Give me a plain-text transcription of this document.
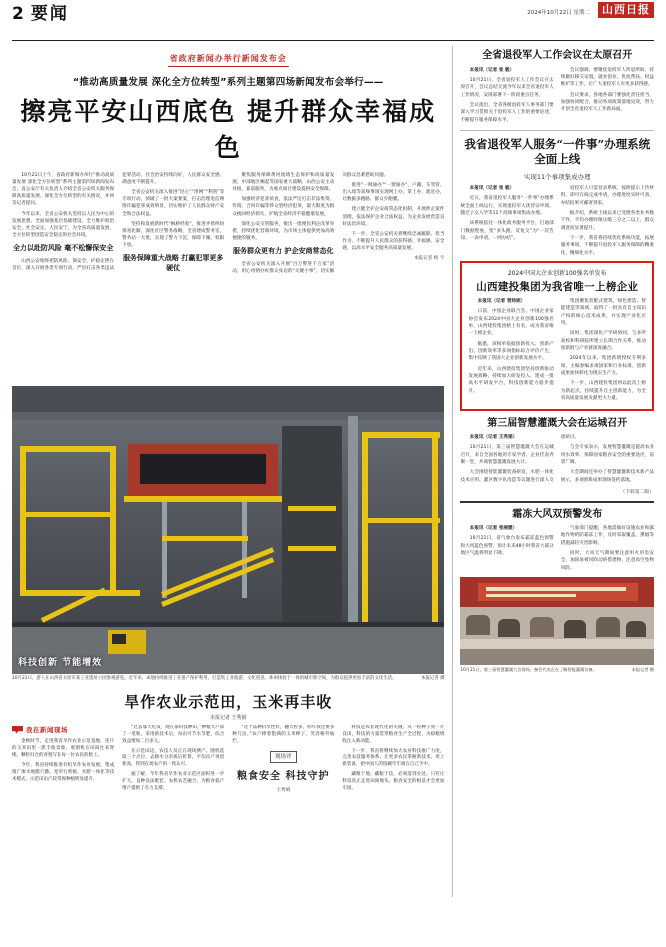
2 要闻	2024年10月22日 星期二	山西日报
省政府新闻办举行新闻发布会
“推动高质量发展 深化全方位转型”系列主题第四场新闻发布会举行——
擦亮平安山西底色 提升群众幸福成色

10月21日上午，省政府新闻办举行“推动高质量发展 深化全方位转型”系列主题第四场新闻发布会，省公安厅有关负责人介绍全省公安机关服务保障高质量发展、深化全方位转型的有关情况，并回答记者提问。

今年以来，全省公安机关坚持以人民为中心的发展思想，全面加强基层基础建设，全力维护政治安全、社会安定、人民安宁，为全省高质量发展、全方位转型创造安全稳定的社会环境。

全力以赴防风险 毫不松懈保安全

山西公安始终把防风险、保安全、护稳定摆在首位，深入开展各类专项行动，严厉打击各类违法犯罪活动，社会治安持续向好，人民群众安全感、满意度不断提升。

全省公安机关深入推进“昆仑”“净网”“利剑”等专项行动，侦破了一批大案要案，打击治理电信网络诈骗犯罪成效明显，切实维护了人民群众财产安全和合法权益。

坚持和发展新时代“枫桥经验”，推进矛盾纠纷排查化解，深化社区警务战略，全省建成警务室、警务站一大批，实现了警力下沉、保障下倾、权限下放。

服务保障重大战略 打赢犯罪更多硬仗

聚焦服务保障黄河流域生态保护和高质量发展、中部地区崛起等国家重大战略，山西公安主动对接、靠前服务，为重点项目建设提供安全保障。

加强经济犯罪侦查，依法严厉打击非法集资、传销、合同诈骗等涉众型经济犯罪，最大限度为群众挽回经济损失，护航全省经济平稳健康发展。

深化公安交管服务，推出一批便民利企改革举措，持续优化营商环境，为市场主体提供更加高效便捷的服务。

服务群众更有力 护企安商常态化

全省公安机关深入开展“百万警进千万家”活动，用心用情办好群众身边的“关键小事”，切实解决群众急难愁盼问题。

推进“一网通办”“一窗通办”，户籍、车驾管、出入境等高频事项实现网上办、掌上办、就近办，让数据多跑路、群众少跑腿。

建立健全护企安商常态化机制，开展涉企案件清理，依法保护企业合法权益，为企业发展营造良好法治环境。

下一步，全省公安机关将继续忠诚履职、担当作为，不断提升人民群众的获得感、幸福感、安全感，以高水平安全服务高质量发展。

本报记者 杨 宇
科技创新 节能增效
10月21日，游人在山西省太原市某工业遗址公园参观游览。近年来，该地持续推进工业遗产保护利用，打造集工业旅游、文化创意、休闲体验于一体的城市新空间，为群众提供更加丰富的文化生活。	本报记者 摄
旱作农业示范田，玉米再丰收
本报记者 王秀娟
我在新闻现场

金秋时节，走进我省旱作农业示范基地，连片的玉米田里一派丰收景象，收割机在田间往来穿梭，颗粒归仓的喜悦写在每一位农民的脸上。

今年，我省持续推进有机旱作农业发展，集成推广渗水地膜穴播、宽窄行密植、水肥一体化等技术模式，示范田亩产较常规种植明显提升。

“过去靠天吃饭，现在靠科技种田。”种粮大户算了一笔账，采用新技术后，每亩可节水节肥，综合效益增加二百多元。

在示范田边，农技人员正在现场测产。随机选取三个点位，去除水分杂质后折算，平均亩产再创新高，得到在场农户的一致认可。

据了解，今年我省旱作农业示范区面积进一步扩大，良种良法配套、农机农艺融合，为粮食稳产增产提供了有力支撑。

“这个品种抗旱性好，穗大粒多，明年我还要多种几亩。”农户捧着饱满的玉米棒子，笑容格外灿烂。

现场评
粮食安全 科技守护
王秀娟

科技是农业现代化的关键。从一粒种子到一片良田，科技的力量贯穿粮食生产全过程，为稳粮增收注入新动能。

下一步，我省将继续加大农业科技推广力度，完善农技服务体系，让更多农民掌握新技术、用上新装备，把中国人的饭碗牢牢端在自己手中。

藏粮于地、藏粮于技，必须落到实处。只有让科技真正走进田间地头，粮食安全的根基才会更加牢固。

全省退役军人工作会议在太原召开

本报讯（记者 张 毅）

10月21日，全省退役军人工作会议在太原召开，会议总结交流今年以来全省退役军人工作情况，安排部署下一阶段重点任务。

会议指出，全省各级退役军人事务部门要深入学习贯彻关于退役军人工作的重要论述，不断提升服务保障水平。

会议强调，要聚焦退役军人所思所盼，持续做好移交安置、就业创业、优抚帮扶、权益维护等工作，让广大退役军人有更多获得感。

会议要求，各地各部门要强化责任担当，加强协同配合，推动各项政策落地见效，努力开创全省退役军人工作新局面。

我省退役军人服务“一件事”办理系统全面上线
实现11个事项集成办理

本报讯（记者 张 毅）

近日，我省退役军人服务“一件事”办理系统全面上线运行，实现退役军人优待证申领、随迁子女入学等11个高频事项集成办理。

该系统依托一体化政务服务平台，打通部门数据壁垒，变“多头跑、反复交”为“一次告知、一表申请、一网办结”。

退役军人只需登录系统，按照提示上传材料，即可在线完成申请，办理进度实时可查，办结结果可邮寄到家。

据介绍，系统上线以来已受理各类业务数千件，平均办理时限压缩三分之二以上，群众满意度显著提升。

下一步，我省将持续优化系统功能，拓展服务事项，不断提升退役军人服务保障的精准化、精细化水平。

2024中国大企业创新100强名单发布
山西建投集团为我省唯一上榜企业

本报讯（记者 晋帅妮）

日前，中国企业联合会、中国企业家协会发布2024中国大企业创新100强名单，山西建投集团榜上有名，成为我省唯一上榜企业。

据悉，该榜单依据创新投入、创新产出、创新效率等多项指标综合评价产生，集中反映了我国大企业创新发展水平。

近年来，山西建投集团坚持创新驱动发展战略，持续加大研发投入，建成一批高水平研发平台，科技创新能力稳步提升。

集团聚焦装配式建筑、绿色建造、智能建造等领域，取得了一批具有自主知识产权的核心技术成果，并实现产业化应用。

同时，集团深化产学研协同，与多所高校和科研院所建立长期合作关系，推动创新链与产业链深度融合。

2024年以来，集团新增授权专利多项，主编参编多项国家和行业标准，创新成果加快转化为现实生产力。

下一步，山西建投集团将以此次上榜为新起点，持续提升自主创新能力，为全省高质量发展贡献更大力量。

第三届智慧灌溉大会在运城召开

本报讯（记者 王秀娟）

10月21日，第三届智慧灌溉大会在运城召开，来自全国各地的专家学者、企业代表齐聚一堂，共商智慧灌溉发展大计。

大会围绕智能灌溉装备研发、水肥一体化技术应用、灌区数字化改造等议题进行深入交流研讨。

与会专家表示，发展智慧灌溉是提高农业用水效率、保障国家粮食安全的重要途径，前景广阔。

大会期间还举办了智慧灌溉新技术新产品展示，多项创新成果现场签约落地。

（下转第二版）
霜冻大风双预警发布

本报讯（记者 张丽媛）

10月21日，省气象台发布霜冻蓝色预警和大风蓝色预警，预计未来48小时我省大部分地区气温将明显下降。

气象部门提醒，各地需做好设施农业和露地作物的防霜冻工作，及时采取覆盖、熏烟等措施减轻灾害影响。

同时，大风天气期间要注意用火用电安全，加固易被风吹动的搭建物，注意高空坠物风险。

10月21日，第三届智慧灌溉大会现场，参会代表正在了解智能灌溉设备。	本报记者 摄
